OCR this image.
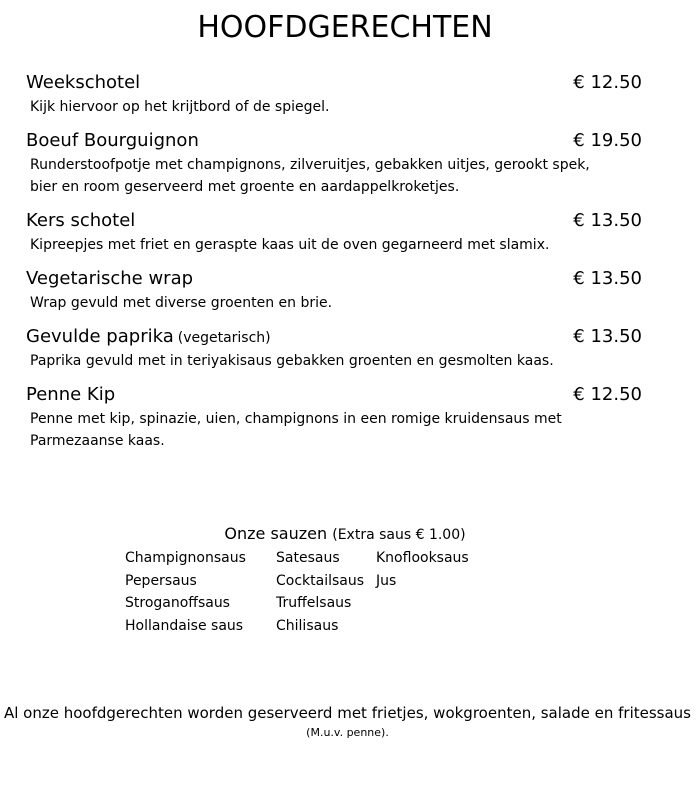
HOOFDGERECHTEN
Weekschotel	€ 12.50
Kijk hiervoor op het krijtbord of de spiegel.
Boeuf Bourguignon	€ 19.50
Runderstoofpotje met champignons, zilveruitjes, gebakken uitjes, gerookt spek, bier en room geserveerd met groente en aardappelkroketjes.
Kers schotel	€ 13.50
Kipreepjes met friet en geraspte kaas uit de oven gegarneerd met slamix.
Vegetarische wrap	€ 13.50
Wrap gevuld met diverse groenten en brie.
Gevulde paprika (vegetarisch)	€ 13.50
Paprika gevuld met in teriyakisaus gebakken groenten en gesmolten kaas.
Penne Kip	€ 12.50
Penne met kip, spinazie, uien, champignons in een romige kruidensaus met Parmezaanse kaas.
Onze sauzen (Extra saus € 1.00)
Champignonsaus
Pepersaus
Stroganoffsaus
Hollandaise saus
Satesaus
Cocktailsaus
Truffelsaus
Chilisaus
Knoflooksaus
Jus
Al onze hoofdgerechten worden geserveerd met frietjes, wokgroenten, salade en fritessaus
(M.u.v. penne).
